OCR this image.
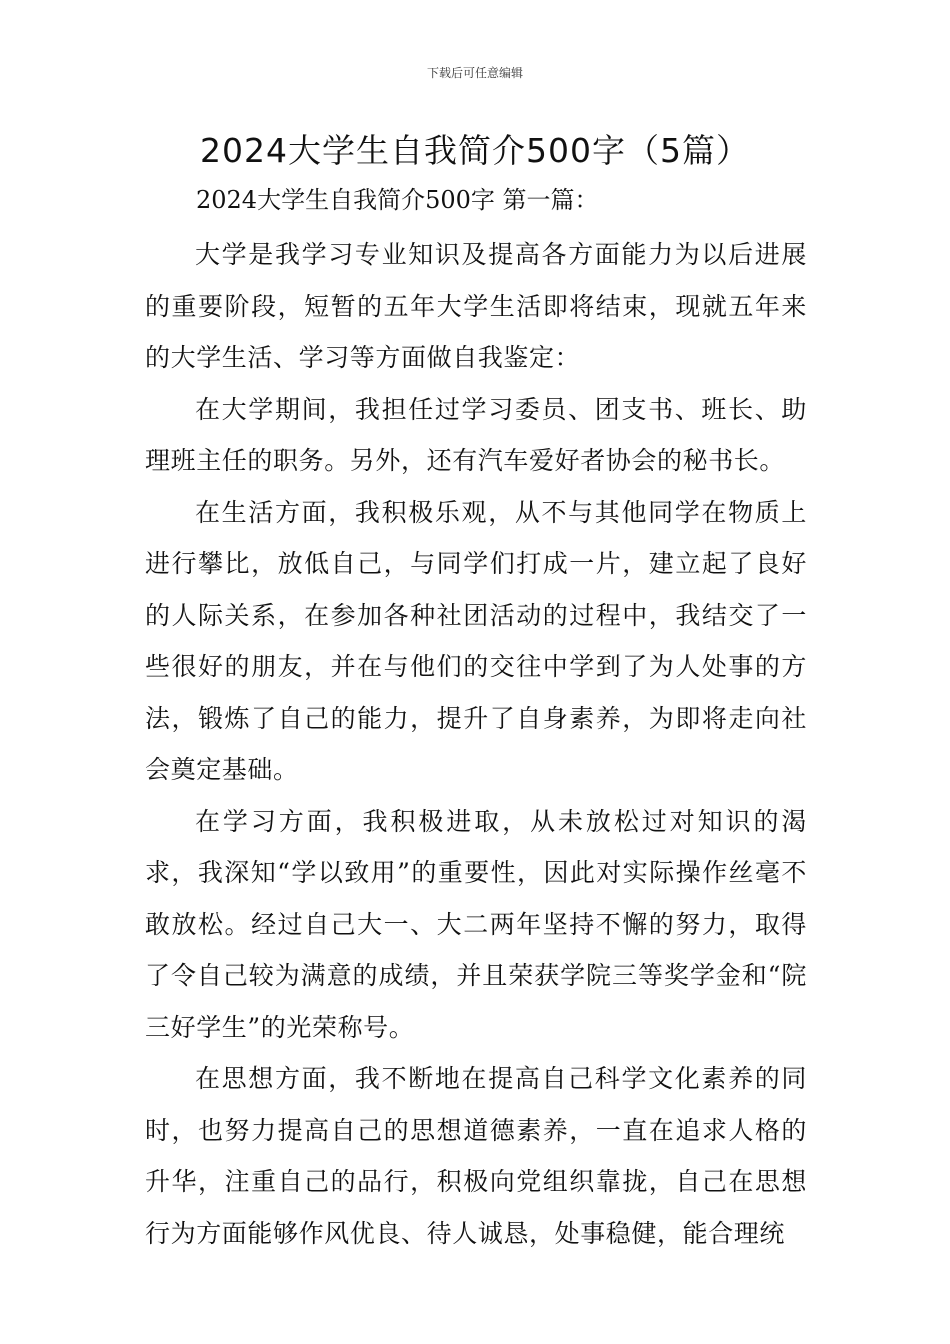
下载后可任意编辑
2024大学生自我简介500字（5篇）
2024大学生自我简介500字 第一篇：

大学是我学习专业知识及提高各方面能力为以后进展的重要阶段，短暂的五年大学生活即将结束，现就五年来的大学生活、学习等方面做自我鉴定：

在大学期间，我担任过学习委员、团支书、班长、助理班主任的职务。另外，还有汽车爱好者协会的秘书长。

在生活方面，我积极乐观，从不与其他同学在物质上进行攀比，放低自己，与同学们打成一片，建立起了良好的人际关系，在参加各种社团活动的过程中，我结交了一些很好的朋友，并在与他们的交往中学到了为人处事的方法，锻炼了自己的能力，提升了自身素养，为即将走向社会奠定基础。

在学习方面，我积极进取，从未放松过对知识的渴求，我深知“学以致用”的重要性，因此对实际操作丝毫不敢放松。经过自己大一、大二两年坚持不懈的努力，取得了令自己较为满意的成绩，并且荣获学院三等奖学金和“院三好学生”的光荣称号。

在思想方面，我不断地在提高自己科学文化素养的同时，也努力提高自己的思想道德素养，一直在追求人格的升华，注重自己的品行，积极向党组织靠拢，自己在思想行为方面能够作风优良、待人诚恳，处事稳健，能合理统
